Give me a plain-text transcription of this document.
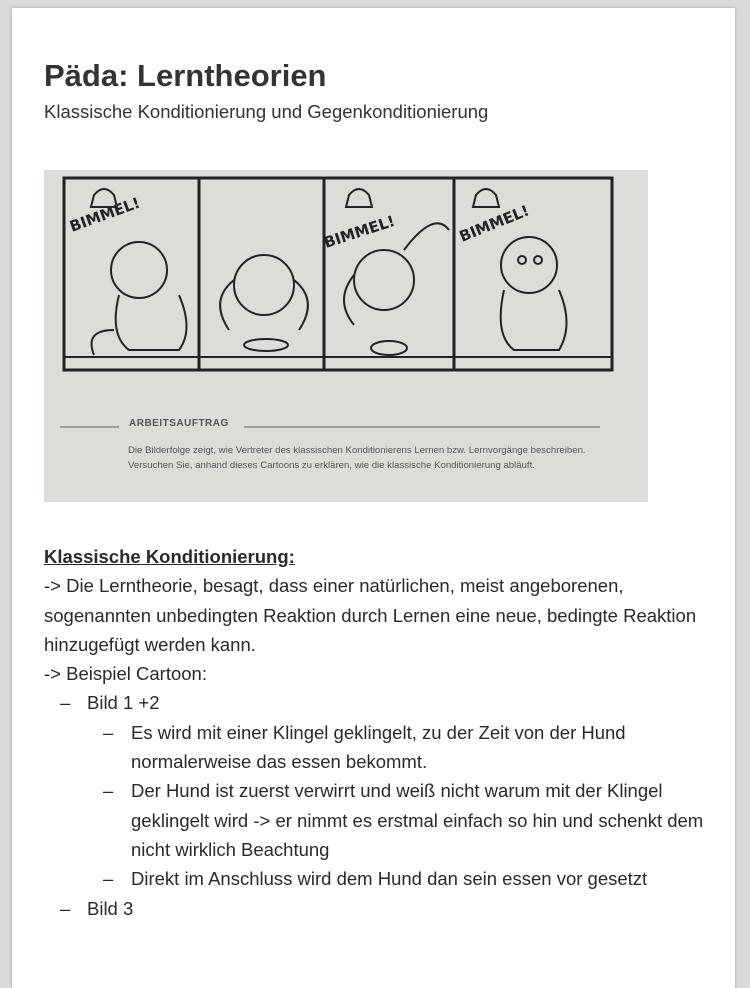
Päda: Lerntheorien
Klassische Konditionierung und Gegenkonditionierung
BIMMEL!	BIMMEL!	BIMMEL!
ARBEITSAUFTRAG
Die Bilderfolge zeigt, wie Vertreter des klassischen Konditionierens Lernen bzw. Lernvorgänge beschreiben. Versuchen Sie, anhand dieses Cartoons zu erklären, wie die klassische Konditionierung abläuft.
Klassische Konditionierung:
-> Die Lerntheorie, besagt, dass einer natürlichen, meist angeborenen, sogenannten unbedingten Reaktion durch Lernen eine neue, bedingte Reaktion hinzugefügt werden kann.
-> Beispiel Cartoon:
– Bild 1 +2
– Es wird mit einer Klingel geklingelt, zu der Zeit von der Hund normalerweise das essen bekommt.
– Der Hund ist zuerst verwirrt und weiß nicht warum mit der Klingel geklingelt wird -> er nimmt es erstmal einfach so hin und schenkt dem nicht wirklich Beachtung
– Direkt im Anschluss wird dem Hund dan sein essen vor gesetzt
– Bild 3
